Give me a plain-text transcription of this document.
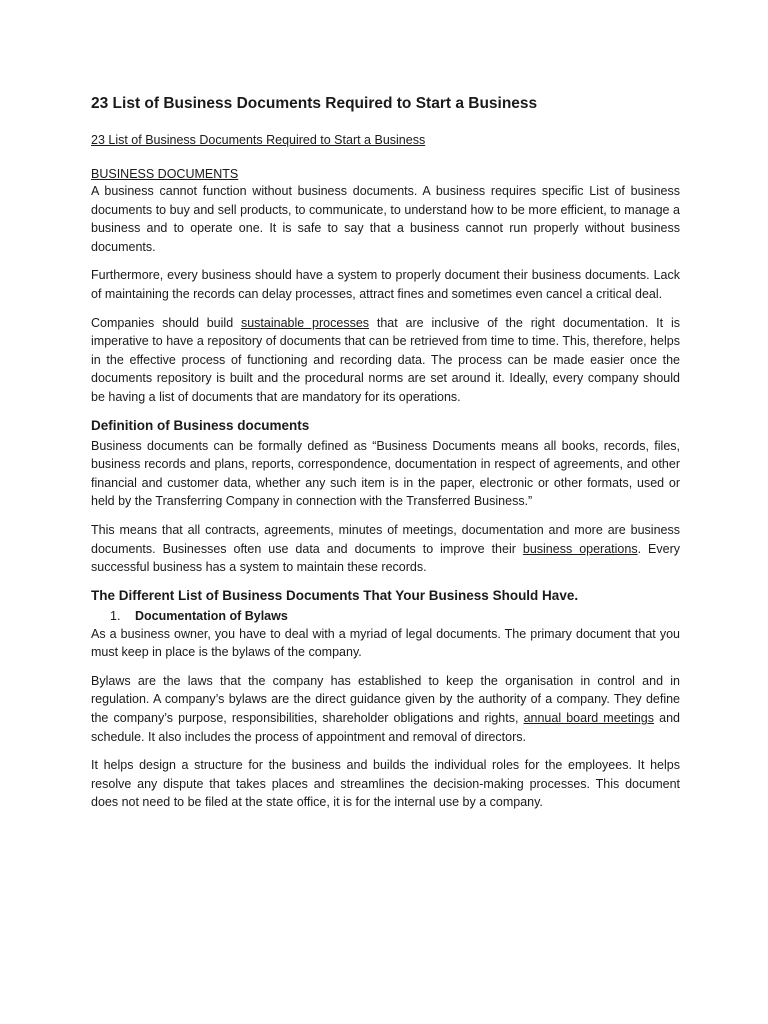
23 List of Business Documents Required to Start a Business
23 List of Business Documents Required to Start a Business
BUSINESS DOCUMENTS

A business cannot function without business documents. A business requires specific List of business documents to buy and sell products, to communicate, to understand how to be more efficient, to manage a business and to operate one. It is safe to say that a business cannot run properly without business documents.

Furthermore, every business should have a system to properly document their business documents. Lack of maintaining the records can delay processes, attract fines and sometimes even cancel a critical deal.

Companies should build sustainable processes that are inclusive of the right documentation. It is imperative to have a repository of documents that can be retrieved from time to time. This, therefore, helps in the effective process of functioning and recording data. The process can be made easier once the documents repository is built and the procedural norms are set around it. Ideally, every company should be having a list of documents that are mandatory for its operations.

Definition of Business documents

Business documents can be formally defined as “Business Documents means all books, records, files, business records and plans, reports, correspondence, documentation in respect of agreements, and other financial and customer data, whether any such item is in the paper, electronic or other formats, used or held by the Transferring Company in connection with the Transferred Business.”

This means that all contracts, agreements, minutes of meetings, documentation and more are business documents. Businesses often use data and documents to improve their business operations. Every successful business has a system to maintain these records.

The Different List of Business Documents That Your Business Should Have.
1.	Documentation of Bylaws

As a business owner, you have to deal with a myriad of legal documents. The primary document that you must keep in place is the bylaws of the company.

Bylaws are the laws that the company has established to keep the organisation in control and in regulation. A company’s bylaws are the direct guidance given by the authority of a company. They define the company’s purpose, responsibilities, shareholder obligations and rights, annual board meetings and schedule. It also includes the process of appointment and removal of directors.

It helps design a structure for the business and builds the individual roles for the employees. It helps resolve any dispute that takes places and streamlines the decision-making processes. This document does not need to be filed at the state office, it is for the internal use by a company.
